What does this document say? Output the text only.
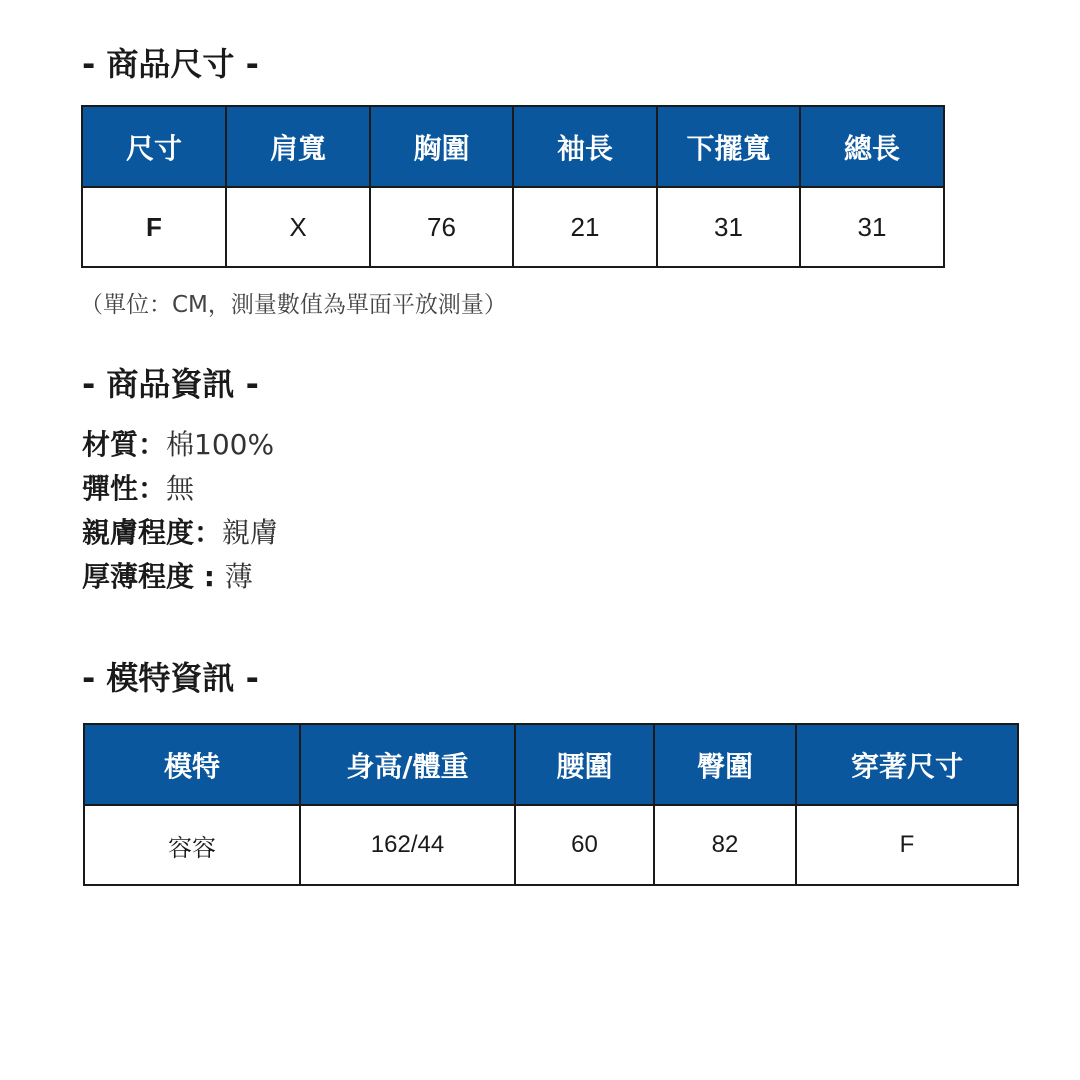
- 商品尺寸 -
尺寸	肩寬	胸圍	袖長	下擺寬	總長
F	X	76	21	31	31
（單位：CM，測量數值為單面平放測量）
- 商品資訊 -
材質：棉100%
彈性：無
親膚程度：親膚
厚薄程度 : 薄
- 模特資訊 -
模特	身高/體重	腰圍	臀圍	穿著尺寸
容容	162/44	60	82	F
